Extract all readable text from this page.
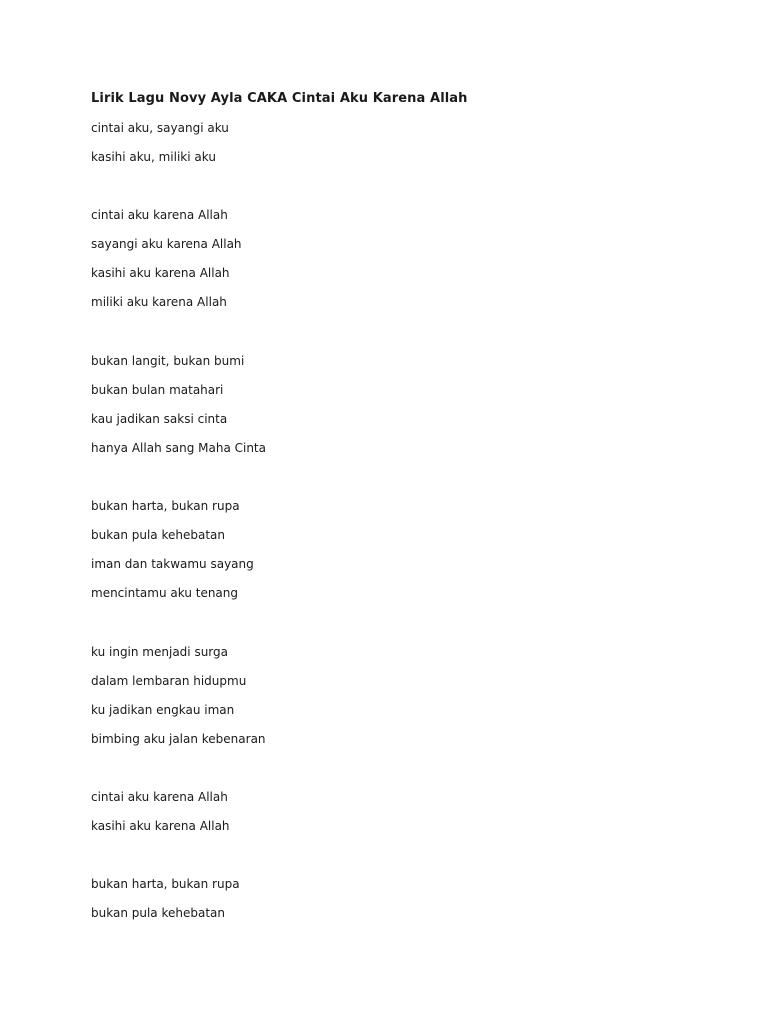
Lirik Lagu Novy Ayla CAKA Cintai Aku Karena Allah
cintai aku, sayangi aku
kasihi aku, miliki aku
cintai aku karena Allah
sayangi aku karena Allah
kasihi aku karena Allah
miliki aku karena Allah
bukan langit, bukan bumi
bukan bulan matahari
kau jadikan saksi cinta
hanya Allah sang Maha Cinta
bukan harta, bukan rupa
bukan pula kehebatan
iman dan takwamu sayang
mencintamu aku tenang
ku ingin menjadi surga
dalam lembaran hidupmu
ku jadikan engkau iman
bimbing aku jalan kebenaran
cintai aku karena Allah
kasihi aku karena Allah
bukan harta, bukan rupa
bukan pula kehebatan
